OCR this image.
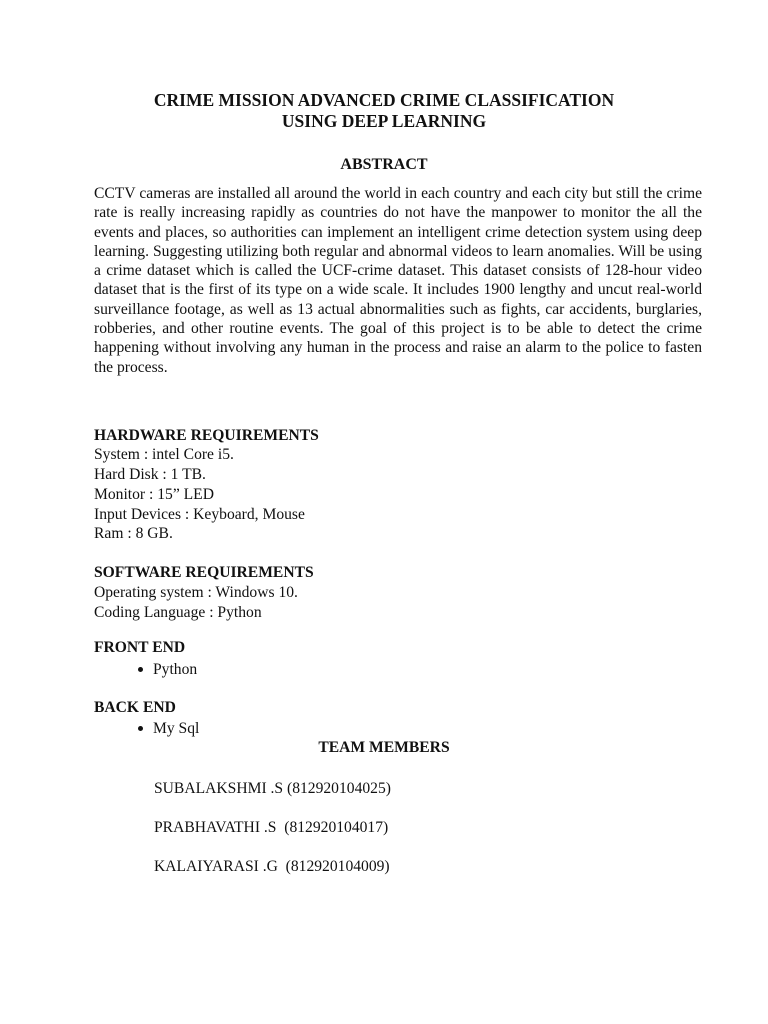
CRIME MISSION ADVANCED CRIME CLASSIFICATION
USING DEEP LEARNING
ABSTRACT

CCTV cameras are installed all around the world in each country and each city but still the crime rate is really increasing rapidly as countries do not have the manpower to monitor the all the events and places, so authorities can implement an intelligent crime detection system using deep learning. Suggesting utilizing both regular and abnormal videos to learn anomalies. Will be using a crime dataset which is called the UCF-crime dataset. This dataset consists of 128-hour video dataset that is the first of its type on a wide scale. It includes 1900 lengthy and uncut real-world surveillance footage, as well as 13 actual abnormalities such as fights, car accidents, burglaries, robberies, and other routine events. The goal of this project is to be able to detect the crime happening without involving any human in the process and raise an alarm to the police to fasten the process.

HARDWARE REQUIREMENTS
System : intel Core i5.
Hard Disk : 1 TB.
Monitor : 15” LED
Input Devices : Keyboard, Mouse
Ram : 8 GB.
SOFTWARE REQUIREMENTS
Operating system : Windows 10.
Coding Language : Python
FRONT END
Python
BACK END
My Sql
TEAM MEMBERS
SUBALAKSHMI .S (812920104025)
PRABHAVATHI .S  (812920104017)
KALAIYARASI .G  (812920104009)
